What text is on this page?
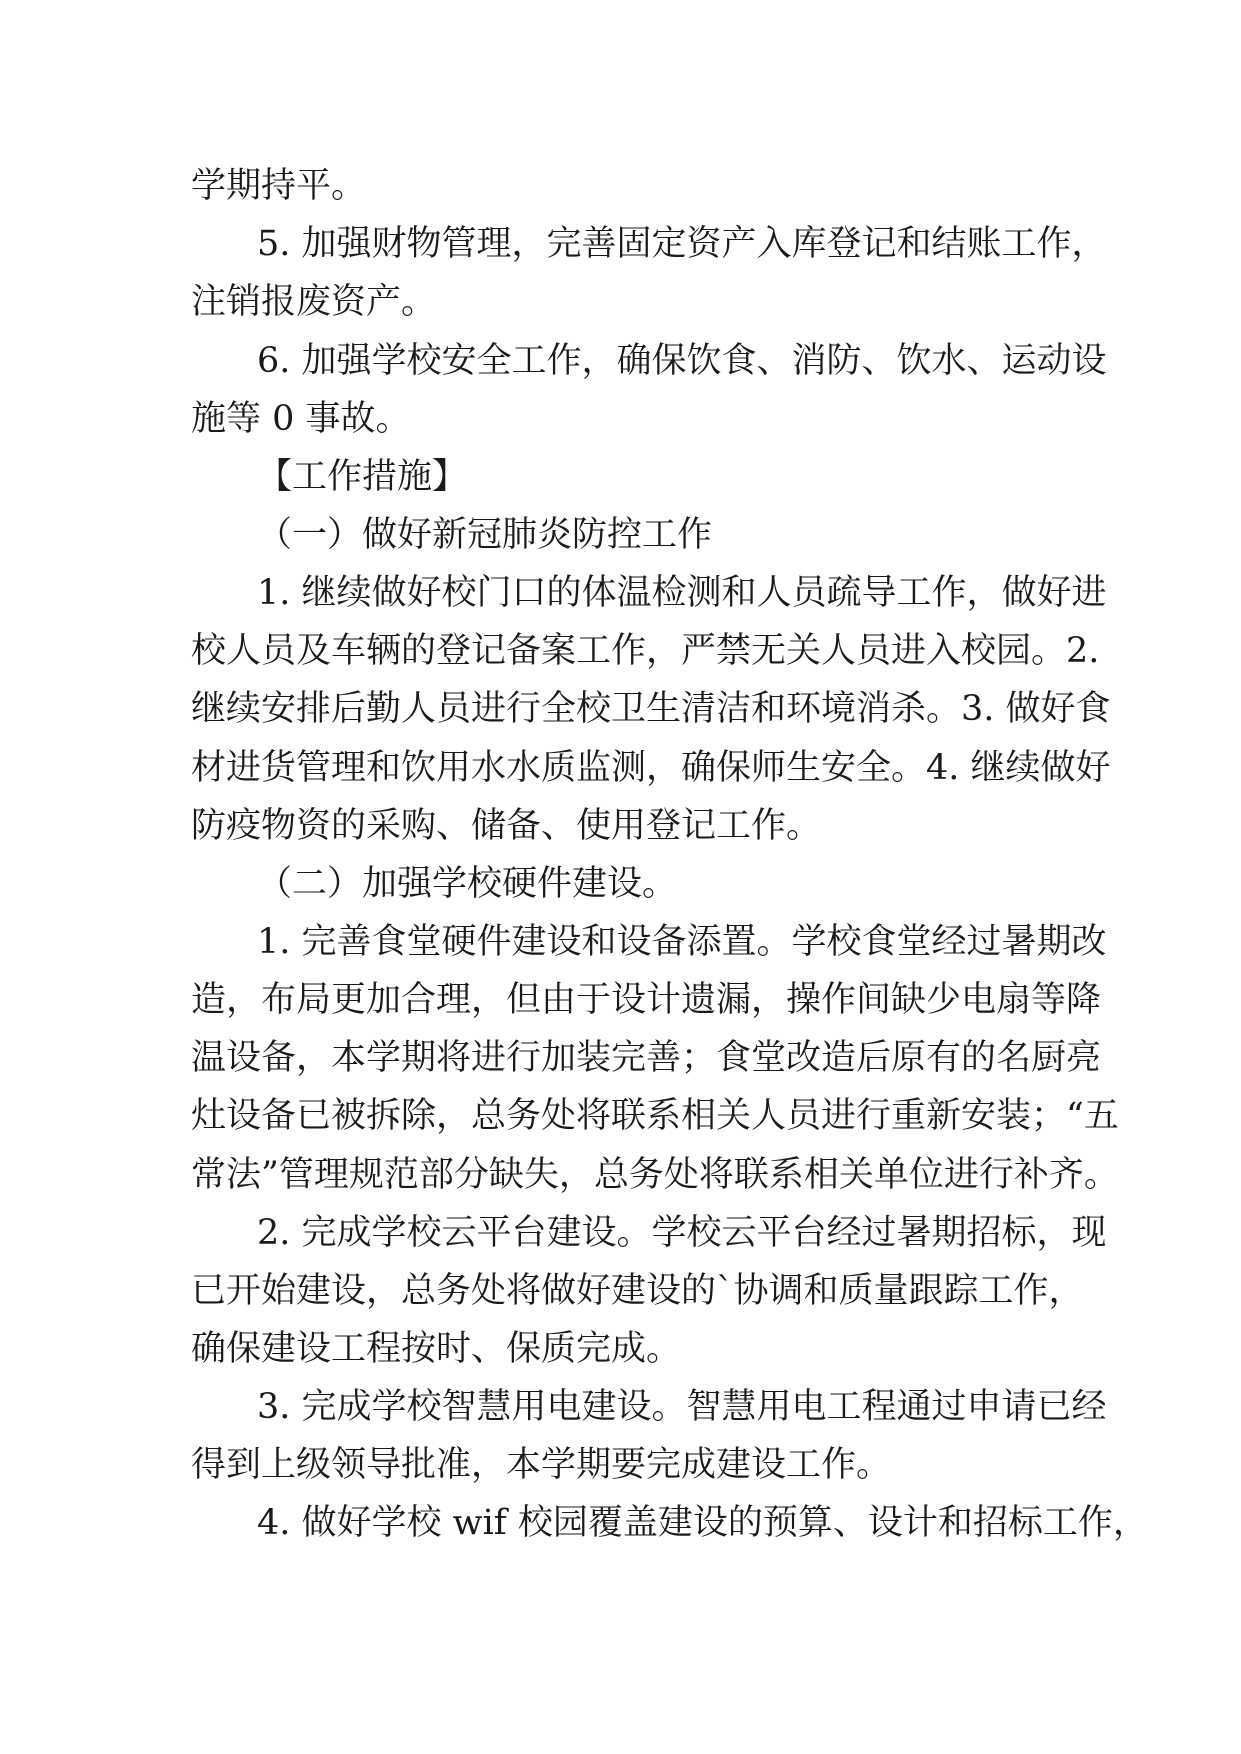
学期持平。
5. 加强财物管理，完善固定资产入库登记和结账工作，
注销报废资产。
6. 加强学校安全工作，确保饮食、消防、饮水、运动设
施等 0 事故。
【工作措施】
（一）做好新冠肺炎防控工作
1. 继续做好校门口的体温检测和人员疏导工作，做好进
校人员及车辆的登记备案工作，严禁无关人员进入校园。2.
继续安排后勤人员进行全校卫生清洁和环境消杀。3. 做好食
材进货管理和饮用水水质监测，确保师生安全。4. 继续做好
防疫物资的采购、储备、使用登记工作。
（二）加强学校硬件建设。
1. 完善食堂硬件建设和设备添置。学校食堂经过暑期改
造，布局更加合理，但由于设计遗漏，操作间缺少电扇等降
温设备，本学期将进行加装完善；食堂改造后原有的名厨亮
灶设备已被拆除，总务处将联系相关人员进行重新安装；“五
常法”管理规范部分缺失，总务处将联系相关单位进行补齐。
2. 完成学校云平台建设。学校云平台经过暑期招标，现
已开始建设，总务处将做好建设的`协调和质量跟踪工作，
确保建设工程按时、保质完成。
3. 完成学校智慧用电建设。智慧用电工程通过申请已经
得到上级领导批准，本学期要完成建设工作。
4. 做好学校 wif 校园覆盖建设的预算、设计和招标工作，
